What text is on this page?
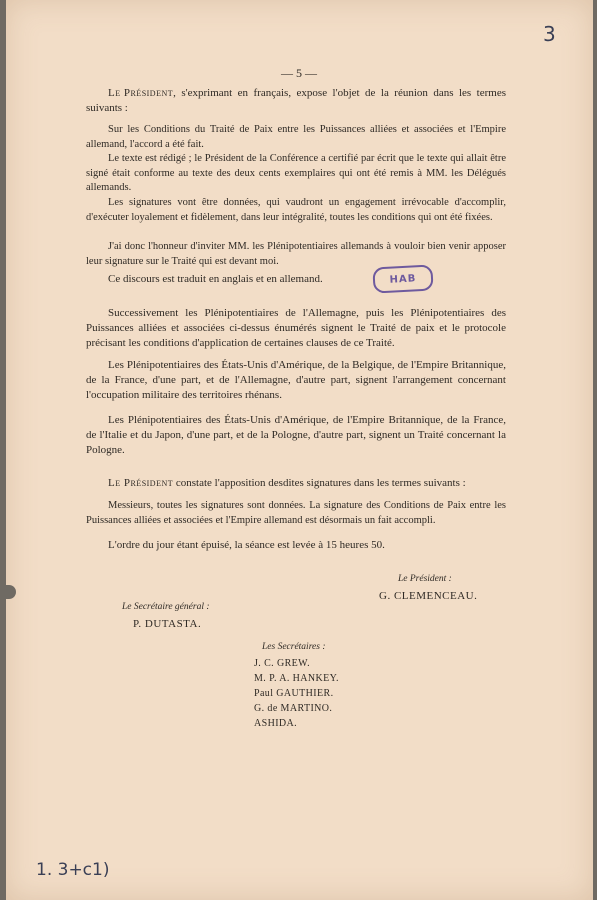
3
— 5 —
Le Président, s'exprimant en français, expose l'objet de la réunion dans les termes suivants :
Sur les Conditions du Traité de Paix entre les Puissances alliées et associées et l'Empire allemand, l'accord a été fait.
Le texte est rédigé ; le Président de la Conférence a certifié par écrit que le texte qui allait être signé était conforme au texte des deux cents exemplaires qui ont été remis à MM. les Délégués allemands.
Les signatures vont être données, qui vaudront un engagement irrévocable d'accomplir, d'exécuter loyalement et fidèlement, dans leur intégralité, toutes les conditions qui ont été fixées.
J'ai donc l'honneur d'inviter MM. les Plénipotentiaires allemands à vouloir bien venir apposer leur signature sur le Traité qui est devant moi.
Ce discours est traduit en anglais et en allemand.	HAB
Successivement les Plénipotentiaires de l'Allemagne, puis les Plénipotentiaires des Puissances alliées et associées ci-dessus énumérés signent le Traité de paix et le protocole précisant les conditions d'application de certaines clauses de ce Traité.
Les Plénipotentiaires des États-Unis d'Amérique, de la Belgique, de l'Empire Britannique, de la France, d'une part, et de l'Allemagne, d'autre part, signent l'arrangement concernant l'occupation militaire des territoires rhénans.
Les Plénipotentiaires des États-Unis d'Amérique, de l'Empire Britannique, de la France, de l'Italie et du Japon, d'une part, et de la Pologne, d'autre part, signent un Traité concernant la Pologne.
Le Président constate l'apposition desdites signatures dans les termes suivants :
Messieurs, toutes les signatures sont données. La signature des Conditions de Paix entre les Puissances alliées et associées et l'Empire allemand est désormais un fait accompli.
L'ordre du jour étant épuisé, la séance est levée à 15 heures 50.
Le Président :
G. CLEMENCEAU.
Le Secrétaire général :
P. DUTASTA.
Les Secrétaires :
J. C. GREW.
M. P. A. HANKEY.
Paul GAUTHIER.
G. de MARTINO.
ASHIDA.
1. 3+c1)
